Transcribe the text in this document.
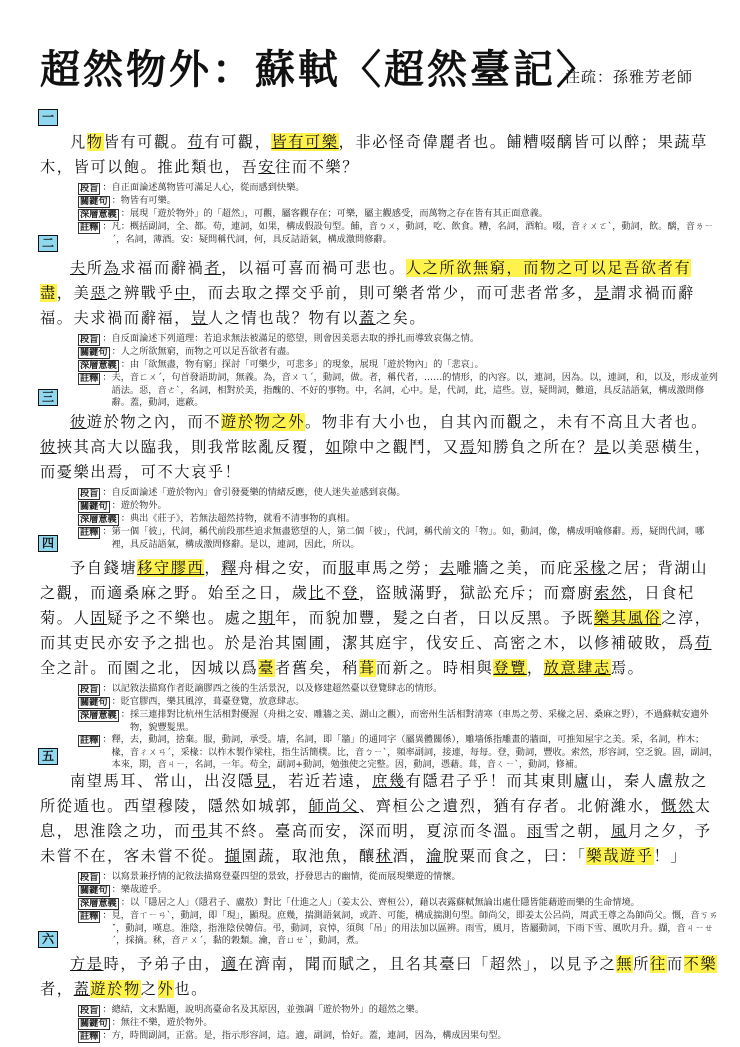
超然物外：蘇軾〈超然臺記〉
注疏：孫雅芳老師
一
凡物皆有可觀。苟有可觀，皆有可樂，非必怪奇偉麗者也。餔糟啜醨皆可以醉；果蔬草木，皆可以飽。推此類也，吾安往而不樂？
段旨 ： 自正面論述萬物皆可滿足人心，從而感到快樂。
關鍵句 ： 物皆有可樂。
深層意義 ： 展現「遊於物外」的「超然」，可觀，屬客觀存在；可樂，屬主觀感受，而萬物之存在皆有其正面意義。
註釋 ： 凡：概括副詞，全、都。苟，連詞，如果，構成假設句型。餔，音ㄅㄨ，動詞，吃、飲食。糟，名詞，酒粕。啜，音ㄔㄨㄛˋ，動詞，飲。醨，音ㄌㄧˊ，名詞，薄酒。安：疑問稱代詞，何，具反詰語氣，構成激問修辭。
二
夫所為求福而辭禍者，以福可喜而禍可悲也。人之所欲無窮，而物之可以足吾欲者有盡，美惡之辨戰乎中，而去取之擇交乎前，則可樂者常少，而可悲者常多，是謂求禍而辭福。夫求禍而辭福，豈人之情也哉？物有以蓋之矣。
段旨 ： 自反面論述下列道理：若追求無法被滿足的慾望，則會因美惡去取的掙扎而導致哀傷之情。
關鍵句 ： 人之所欲無窮，而物之可以足吾欲者有盡。
深層意義 ： 由「欲無盡，物有窮」探討「可樂少，可悲多」的現象，展現「遊於物內」的「悲哀」。
註釋 ： 夫，音ㄈㄨˊ，句首發語助詞，無義。為，音ㄨㄟˊ，動詞，做。者，稱代者，……的情形，的內容。以，連詞，因為。以，連詞，和，以及，形成並列語法。惡，音ㄜˋ，名詞，相對於美，指醜的、不好的事物。中，名詞，心中。是，代詞，此，這些。豈，疑問詞，難道，具反詰語氣，構成激問修辭。蓋，動詞，遮蔽。
三
彼遊於物之內，而不遊於物之外。物非有大小也，自其內而觀之，未有不高且大者也。彼挾其高大以臨我，則我常眩亂反覆，如隙中之觀鬥，又焉知勝負之所在？是以美惡橫生，而憂樂出焉，可不大哀乎！
段旨 ： 自反面論述「遊於物內」會引發憂樂的情緒反應，使人迷失並感到哀傷。
關鍵句 ： 遊於物外。
深層意義 ： 典出《莊子》，若無法超然持物，就看不清事物的真相。
註釋 ： 第一個「彼」，代詞，稱代前段那些追求無盡慾望的人，第二個「彼」，代詞，稱代前文的「物」。如，動詞，像，構成明喻修辭。焉，疑問代詞，哪裡，具反詰語氣，構成激問修辭。是以，連詞，因此，所以。
四
予自錢塘移守膠西，釋舟楫之安，而服車馬之勞；去雕牆之美，而庇采椽之居；背湖山之觀，而適桑麻之野。始至之日，歲比不登，盜賊滿野，獄訟充斥；而齋廚索然，日食杞菊。人固疑予之不樂也。處之期年，而貌加豐，髮之白者，日以反黑。予既樂其風俗之淳，而其吏民亦安予之拙也。於是治其園圃，潔其庭宇，伐安丘、高密之木，以修補破敗，爲苟全之計。而園之北，因城以爲臺者舊矣，稍葺而新之。時相與登覽，放意肆志焉。
段旨 ： 以記敘法描寫作者貶謫膠西之後的生活景況，以及修建超然臺以登覽肆志的情形。
關鍵句 ： 貶官膠西，樂其風淳，葺臺登覽，放意肆志。
深層意義 ： 採三連排對比杭州生活相對優渥（舟楫之安、雕牆之美、湖山之觀），而密州生活相對清寒（車馬之勞、采椽之居、桑麻之野），不過蘇軾安適外物，貌豐髮黑。
註釋 ： 釋，去，動詞，捨棄。服，動詞，承受。墻，名詞，即「牆」的通同字（屬異體關係），雕墻係指雕畫的牆面，可推知屋宇之美。采，名詞，柞木；椽，音ㄔㄨㄢˊ，采椽：以柞木製作梁柱，指生活簡樸。比，音ㄅㄧˋ，頻率副詞，接連，每每。登，動詞，豐收。索然，形容詞，空乏貌。固，副詞，本來，期，音ㄐㄧ，名詞，一年。苟全，副詞+動詞，勉強使之完整。因，動詞，憑藉。葺，音ㄑㄧˋ，動詞，修補。
五
南望馬耳、常山，出沒隱見，若近若遠，庶幾有隱君子乎！而其東則廬山，秦人盧敖之所從遁也。西望穆陵，隱然如城郭，師尚父、齊桓公之遺烈，猶有存者。北俯濰水，慨然太息，思淮陰之功，而弔其不終。臺高而安，深而明，夏涼而冬溫。雨雪之朝，風月之夕，予未嘗不在，客未嘗不從。擷園蔬，取池魚，釀秫酒，瀹脫粟而食之，曰：「樂哉遊乎！」
段旨 ： 以寫景兼抒情的記敘法描寫登臺四望的景致，抒發思古的幽情，從而展現樂遊的情懷。
關鍵句 ： 樂哉遊乎。
深層意義 ： 以「隱居之人」（隱君子、盧敖）對比「仕進之人」（姜太公、齊桓公），藉以表露蘇軾無論出處仕隱皆能藉遊而樂的生命情境。
註釋 ： 見，音ㄒㄧㄢˋ，動詞，即「現」，顯現。庶幾，揣測語氣詞，或許、可能，構成揣測句型。師尚父，即姜太公呂尚，周武王尊之為師尚父。慨，音ㄎㄞˇ，動詞，嘆息。淮陰，指淮陰侯韓信。弔，動詞，哀悼，須與「吊」的用法加以區辨。雨雪，風月，皆屬動詞，下雨下雪、風吹月升。擷，音ㄐㄧㄝˊ，採摘。秫，音ㄕㄨˊ，黏的穀類。瀹，音ㄩㄝˋ，動詞，煮。
六
方是時，予弟子由，適在濟南，聞而賦之，且名其臺曰「超然」，以見予之無所往而不樂者，蓋遊於物之外也。
段旨 ： 總結，文末點題，說明高臺命名及其原因，並強調「遊於物外」的超然之樂。
關鍵句 ： 無往不樂，遊於物外。
註釋 ： 方，時間副詞，正當。是，指示形容詞，這。適，副詞，恰好。蓋，連詞，因為，構成因果句型。
